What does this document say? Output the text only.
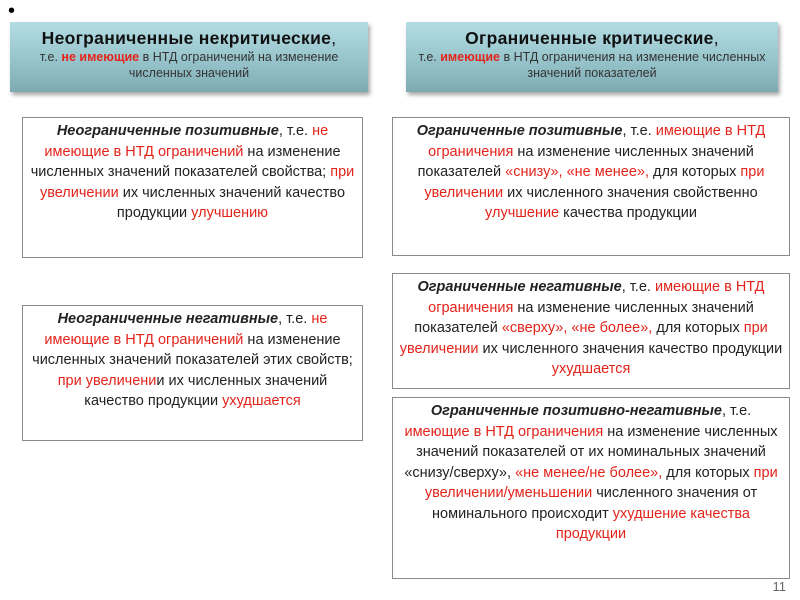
•
Неограниченные некритические,
т.е. не имеющие в НТД ограничений на изменение численных значений
Ограниченные критические,
т.е. имеющие в НТД ограничения на изменение численных значений показателей
Неограниченные позитивные, т.е. не имеющие в НТД ограничений на изменение численных значений показателей свойства; при увеличении их численных значений качество продукции улучшению
Неограниченные негативные, т.е. не имеющие в НТД ограничений на изменение численных значений показателей этих свойств; при увеличении их численных значений качество продукции ухудшается
Ограниченные позитивные, т.е. имеющие в НТД ограничения на изменение численных значений показателей «снизу», «не менее», для которых при увеличении их численного значения свойственно улучшение качества продукции
Ограниченные негативные, т.е. имеющие в НТД ограничения на изменение численных значений показателей «сверху», «не более», для которых при увеличении их численного значения качество продукции ухудшается
Ограниченные позитивно-негативные, т.е. имеющие в НТД ограничения на изменение численных значений показателей от их номинальных значений «снизу/сверху», «не менее/не более», для которых при увеличении/уменьшении численного значения от номинального происходит ухудшение качества продукции
11
